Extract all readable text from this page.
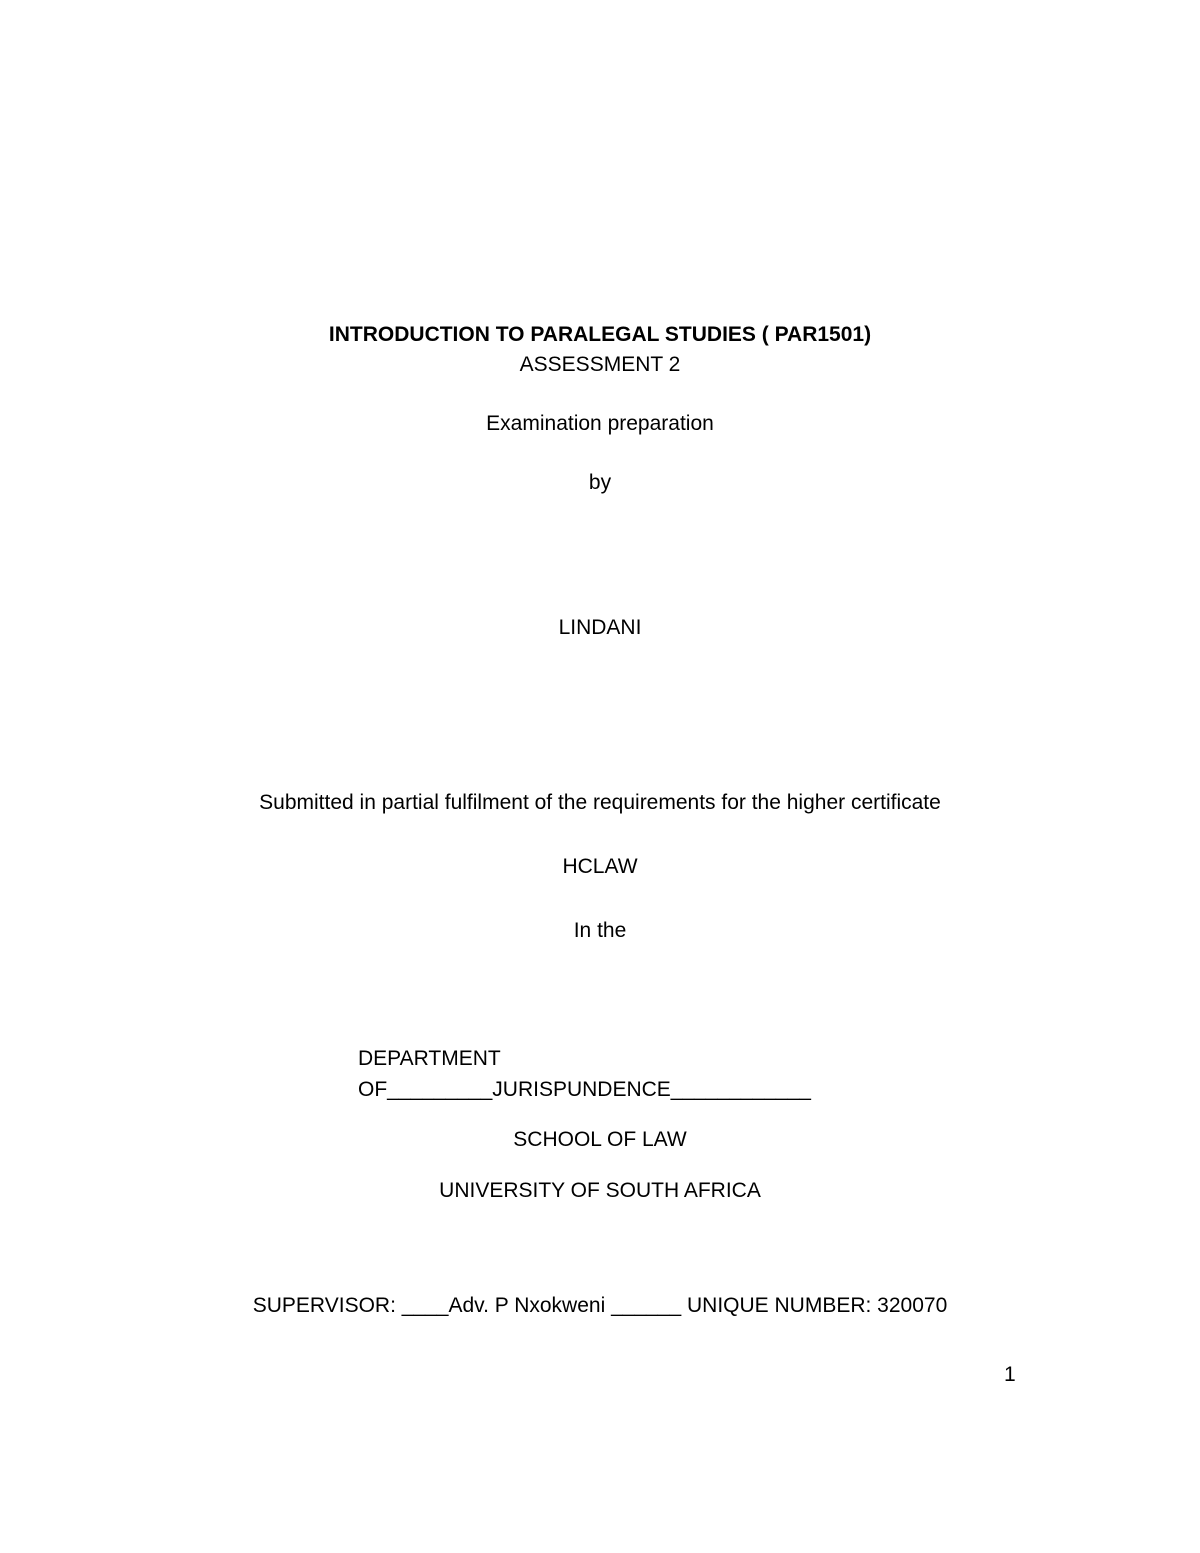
INTRODUCTION TO PARALEGAL STUDIES ( PAR1501)
ASSESSMENT 2
Examination preparation
by
LINDANI
Submitted in partial fulfilment of the requirements for the higher certificate
HCLAW
In the
DEPARTMENT
OF_________JURISPUNDENCE____________
SCHOOL OF LAW
UNIVERSITY OF SOUTH AFRICA
SUPERVISOR: ____Adv. P Nxokweni ______ UNIQUE NUMBER: 320070
1
